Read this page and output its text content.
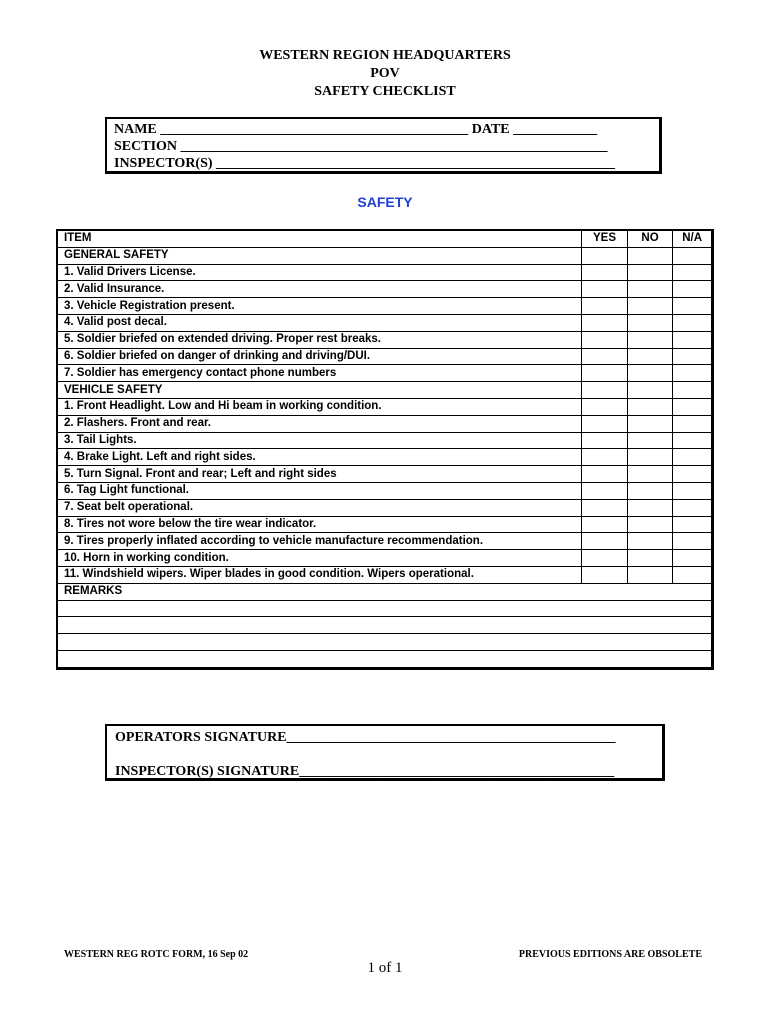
WESTERN REGION HEADQUARTERS
POV
SAFETY CHECKLIST
NAME ____________________________________________ DATE ____________
SECTION _____________________________________________________________
INSPECTOR(S) _________________________________________________________
SAFETY
ITEM	YES	NO	N/A
GENERAL SAFETY			
1. Valid Drivers License.			
2. Valid Insurance.			
3. Vehicle Registration present.			
4. Valid post decal.			
5. Soldier briefed on extended driving. Proper rest breaks.			
6. Soldier briefed on danger of drinking and driving/DUI.			
7. Soldier has emergency contact phone numbers			
VEHICLE SAFETY			
1. Front Headlight. Low and Hi beam in working condition.			
2. Flashers. Front and rear.			
3. Tail Lights.			
4. Brake Light. Left and right sides.			
5. Turn Signal. Front and rear; Left and right sides			
6. Tag Light functional.			
7. Seat belt operational.			
8. Tires not wore below the tire wear indicator.			
9. Tires properly inflated according to vehicle manufacture recommendation.			
10. Horn in working condition.			
11. Windshield wipers. Wiper blades in good condition. Wipers operational.			
REMARKS			

OPERATORS SIGNATURE_______________________________________________
INSPECTOR(S) SIGNATURE_____________________________________________
WESTERN REG ROTC FORM, 16 Sep 02	PREVIOUS EDITIONS ARE OBSOLETE
1 of 1
